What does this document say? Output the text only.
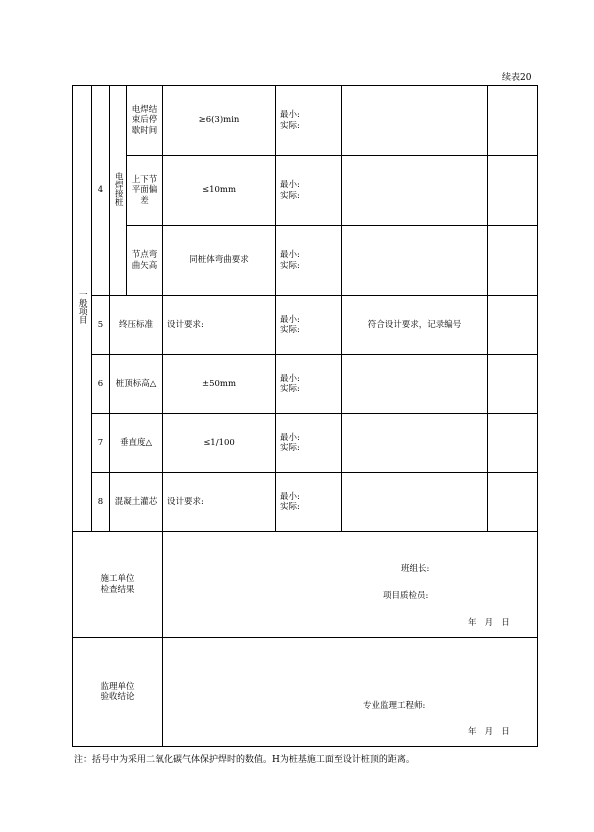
续表20
一般项目	4	电焊接桩	电焊结束后停歇时间	≥6(3)min	最小:
实际:		

			上下节平面偏差	≤10mm	最小:
实际:		

			节点弯曲矢高	同桩体弯曲要求	最小:
实际:		

	5	终压标准		设计要求:	最小:
实际:	符合设计要求，记录编号	
	6	桩顶标高△		±50mm	最小:
实际:		

	7	垂直度△		≤1/100	最小:
实际:		

	8	混凝土灌芯		设计要求:	最小:
实际:		

施工单位
检查结果				班组长:
项目质检员:
年   月   日			

监理单位
验收结论				专业监理工程师:
年   月   日			
注：括号中为采用二氧化碳气体保护焊时的数值。H为桩基施工面至设计桩顶的距离。
